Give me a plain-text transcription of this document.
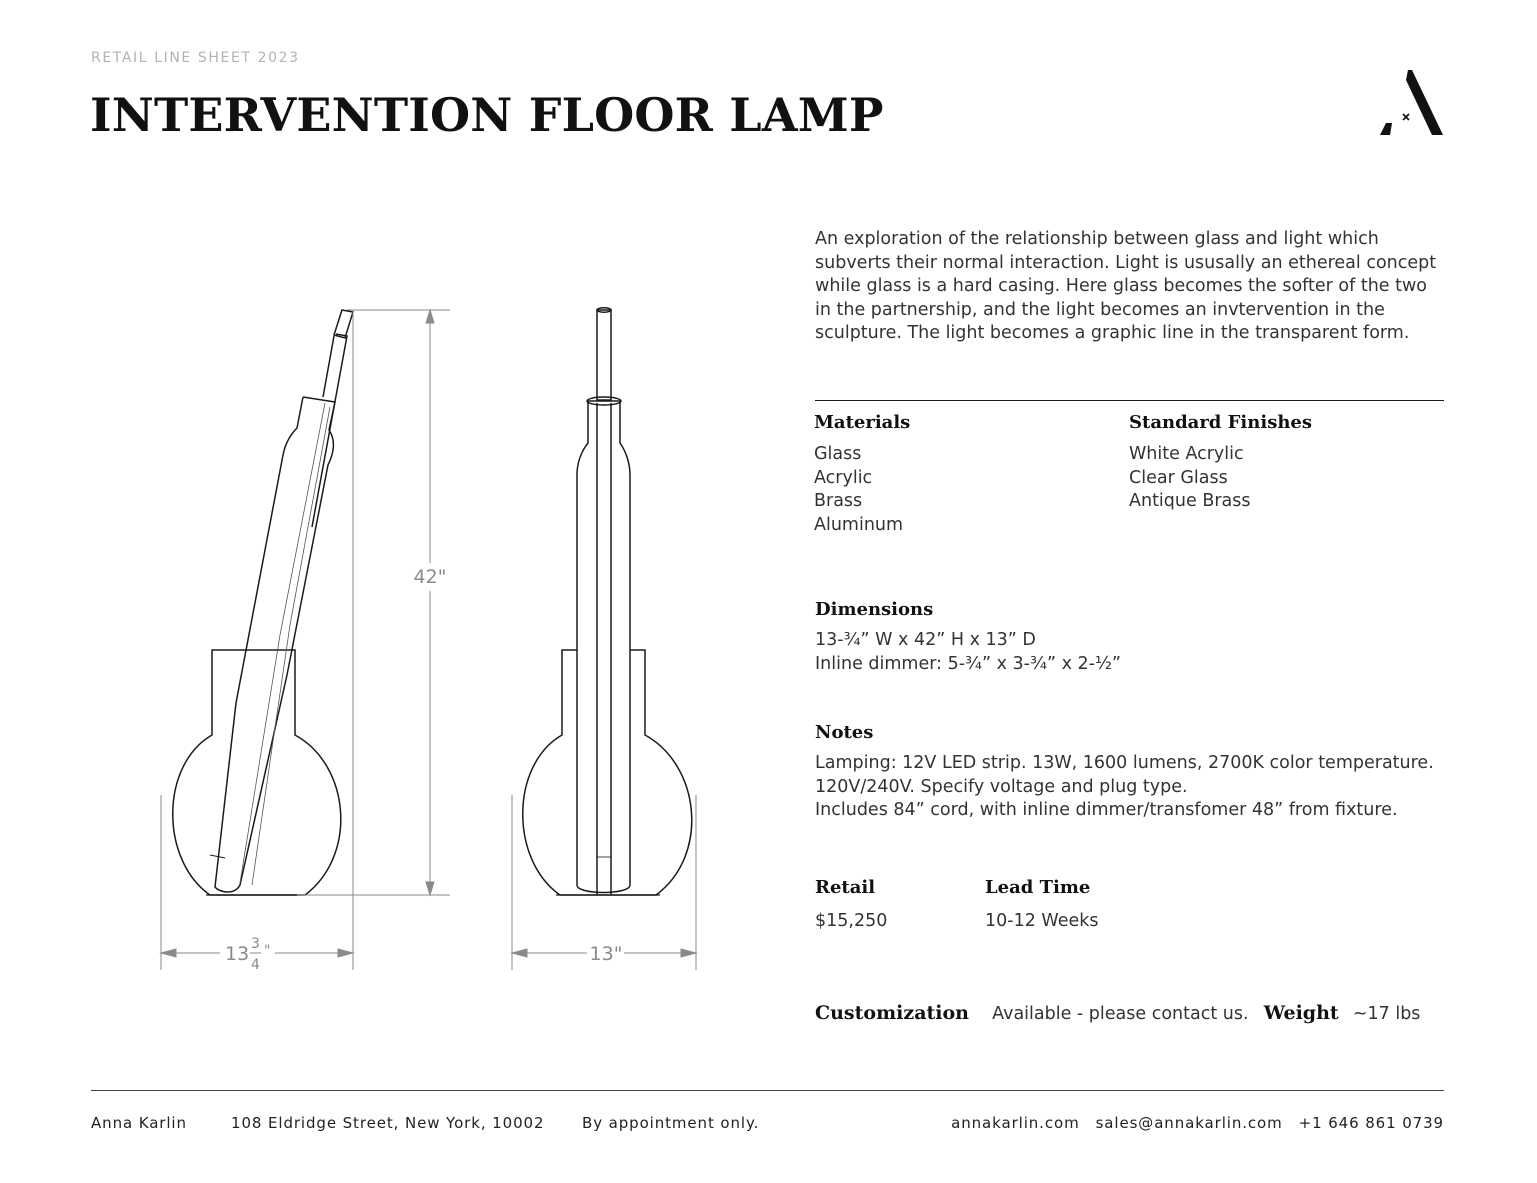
RETAIL LINE SHEET 2023
INTERVENTION FLOOR LAMP
42"
13 3
4
"	13"

An exploration of the relationship between glass and light which subverts their normal interaction. Light is ususally an ethereal concept while glass is a hard casing. Here glass becomes the softer of the two in the partnership, and the light becomes an invtervention in the sculpture. The light becomes a graphic line in the transparent form.

Materials
Glass
Acrylic
Brass
Aluminum
Standard Finishes
White Acrylic
Clear Glass
Antique Brass
Dimensions
13-¾” W x 42” H x 13” D
Inline dimmer: 5-¾” x 3-¾” x 2-½”
Notes
Lamping: 12V LED strip. 13W, 1600 lumens, 2700K color temperature.
120V/240V. Specify voltage and plug type.
Includes 84” cord, with inline dimmer/transfomer 48” from fixture.
Retail
$15,250
Lead Time
10-12 Weeks
Customization Available - please contact us. Weight ~17 lbs
Anna Karlin	108 Eldridge Street, New York, 10002	By appointment only.	annakarlin.com sales@annakarlin.com +1 646 861 0739
